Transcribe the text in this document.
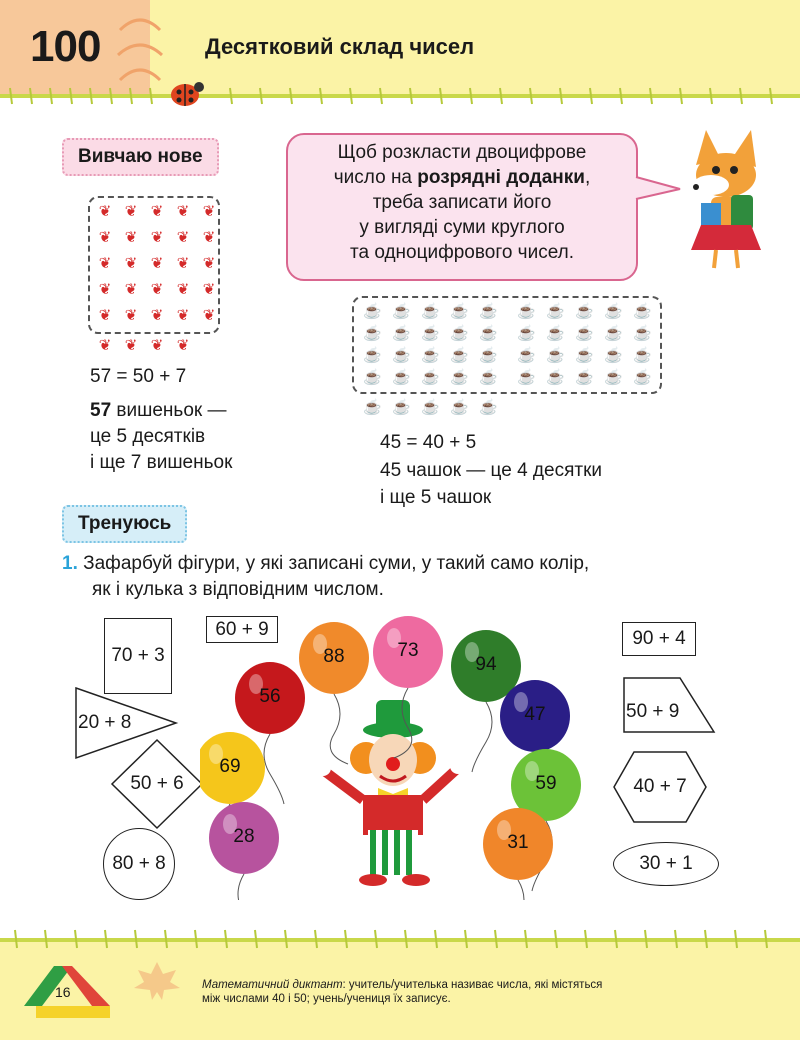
100	Десятковий склад чисел
Вивчаю нове	Щоб розкласти двоцифрове
число на розрядні доданки,
треба записати його
у вигляді суми круглого
та одноцифрового чисел.
❦ ❦ ❦ ❦ ❦
❦ ❦ ❦ ❦ ❦
❦ ❦ ❦ ❦ ❦
❦ ❦ ❦ ❦ ❦
❦ ❦ ❦ ❦ ❦
❦ ❦ ❦ ❦
57 = 50 + 7
57 вишеньок —
це 5 десятків
і ще 7 вишеньок
☕ ☕ ☕ ☕ ☕
☕ ☕ ☕ ☕ ☕
☕ ☕ ☕ ☕ ☕
☕ ☕ ☕ ☕ ☕
☕ ☕ ☕ ☕ ☕
☕ ☕ ☕ ☕ ☕
☕ ☕ ☕ ☕ ☕
☕ ☕ ☕ ☕ ☕
☕ ☕ ☕ ☕ ☕
45 = 40 + 5
45 чашок — це 4 десятки
і ще 5 чашок
Тренуюсь
1. Зафарбуй фігури, у які записані суми, у такий само колір,
як і кулька з відповідним числом.
70 + 3
60 + 9
20 + 8
50 + 6
80 + 8
90 + 4
50 + 9
40 + 7
30 + 1
88	73
94
56
47
69
59
28	31
16	Математичний диктант: учитель/учителька називає числа, які містяться
між числами 40 і 50; учень/учениця їх записує.
